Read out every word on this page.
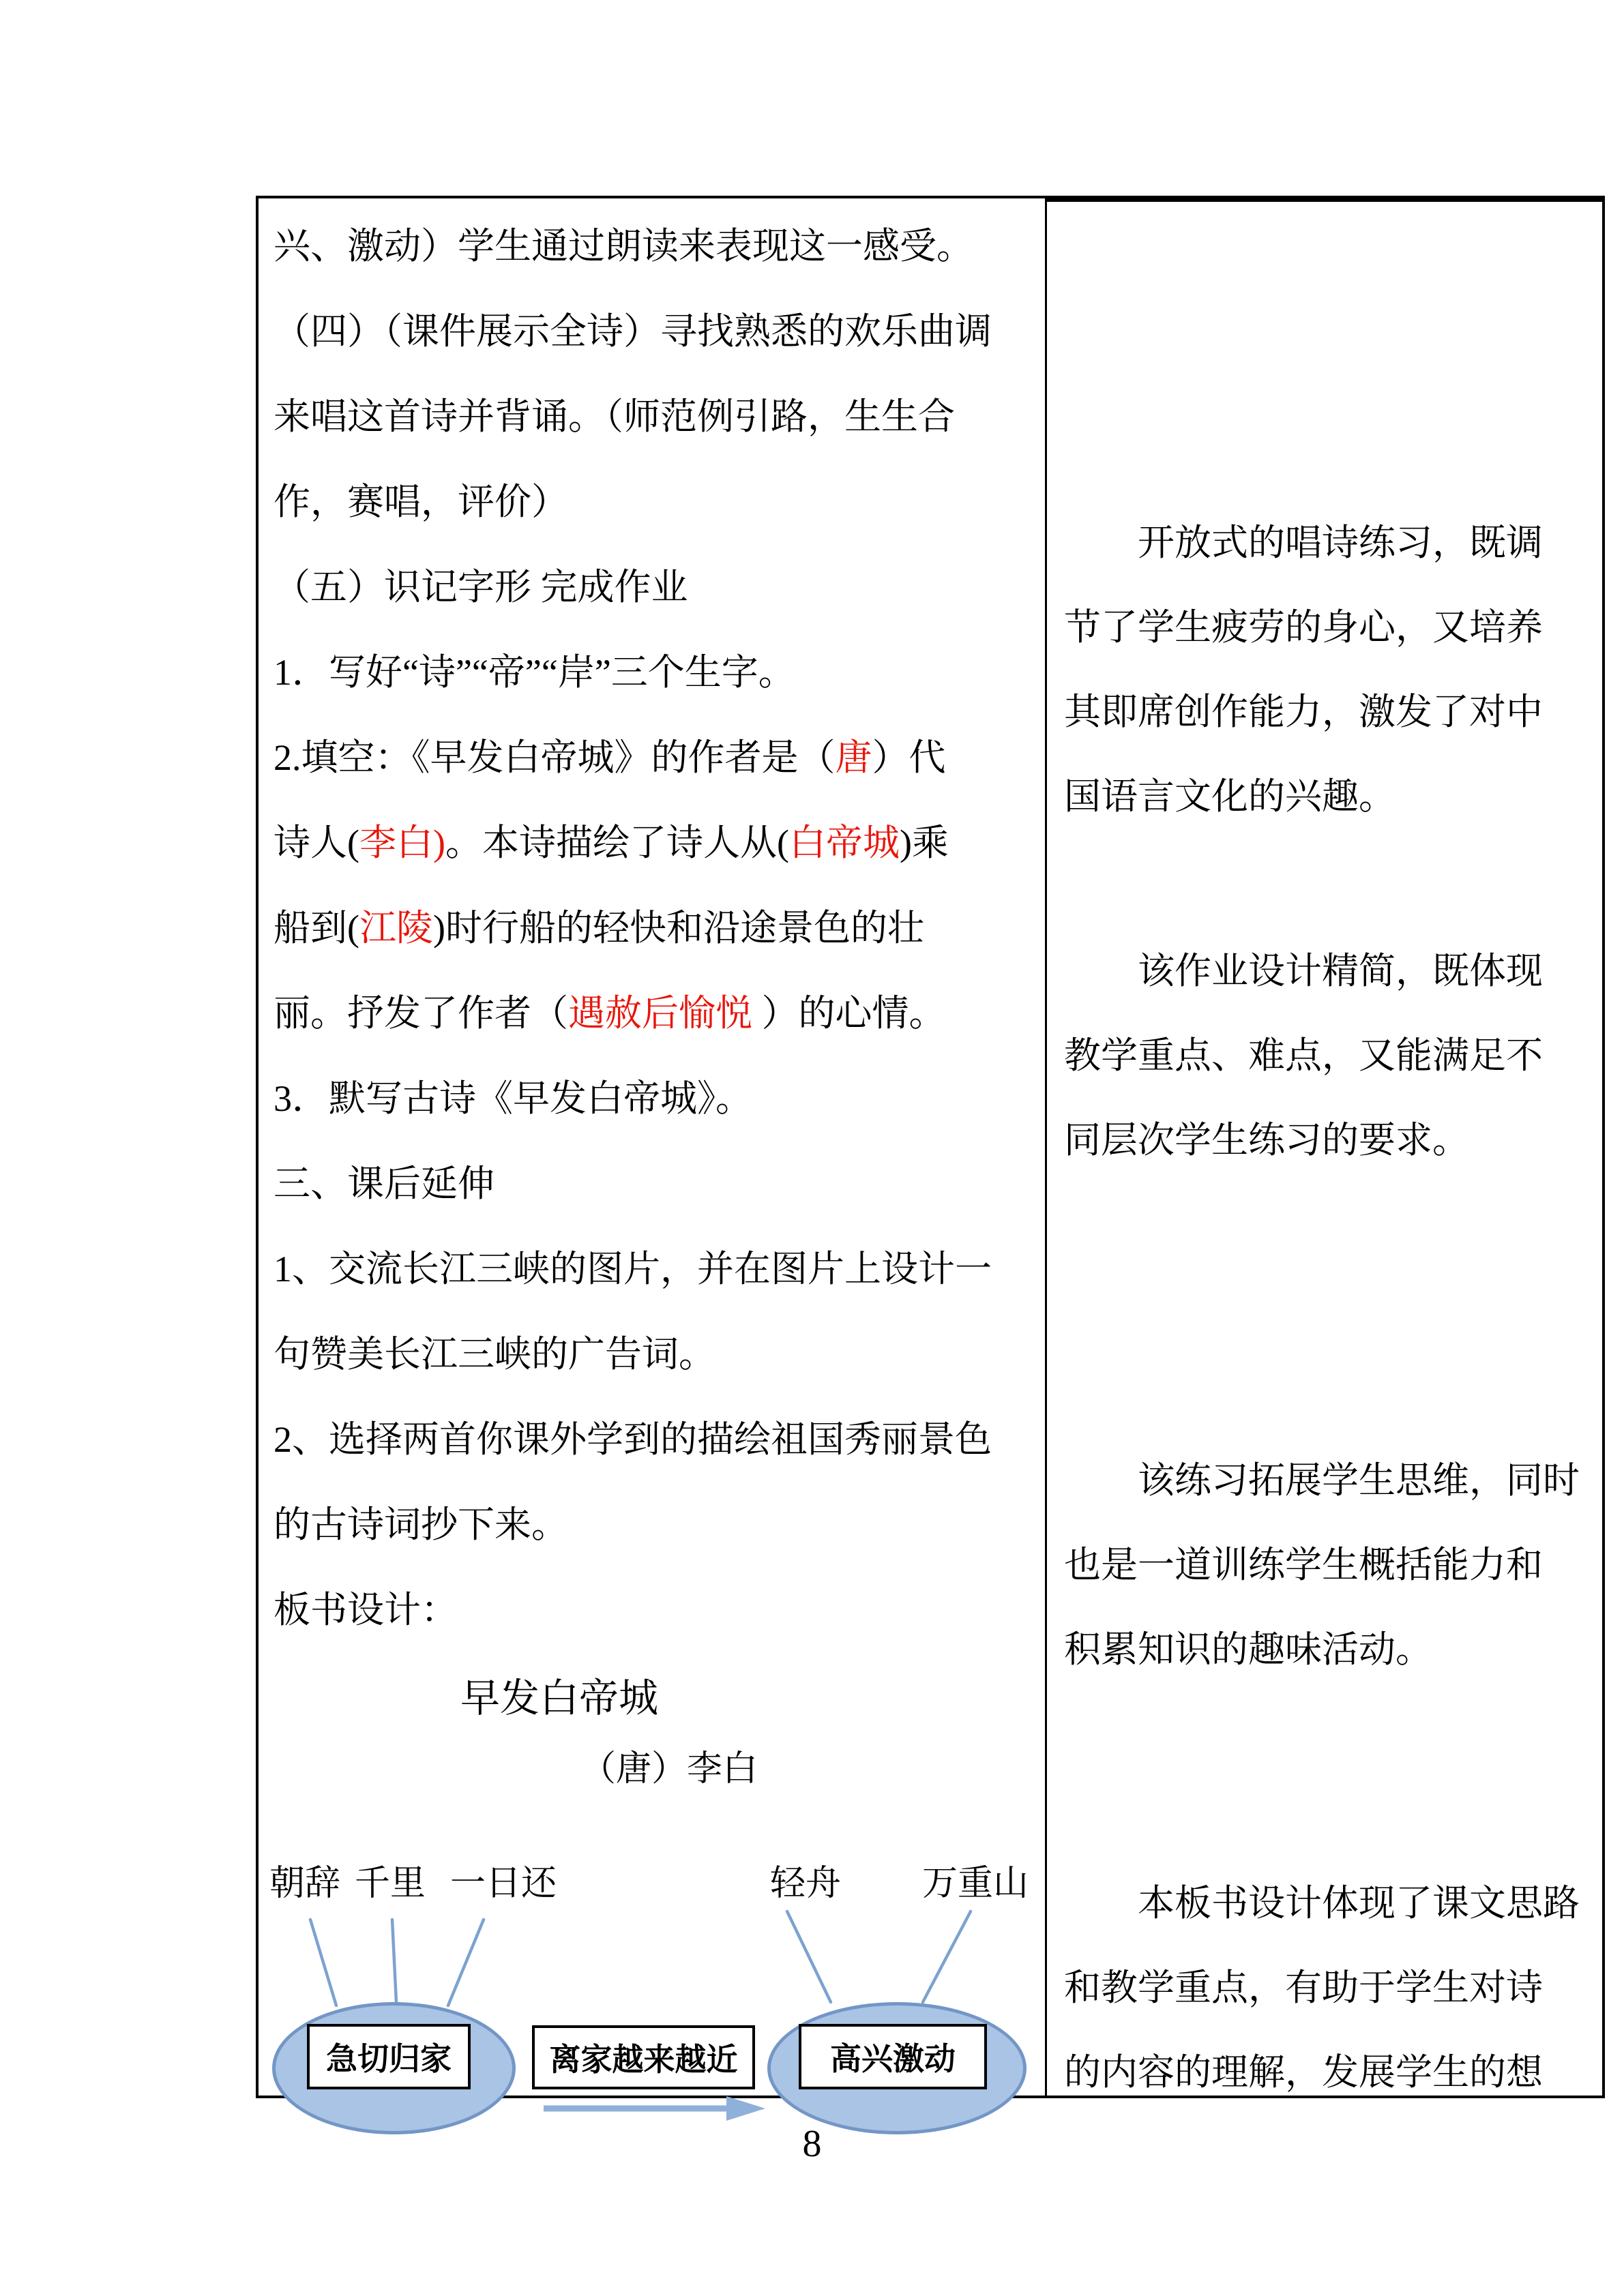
兴、激动）学生通过朗读来表现这一感受。
（四）（课件展示全诗）寻找熟悉的欢乐曲调
来唱这首诗并背诵。（师范例引路，生生合
作，赛唱，评价）
（五）识记字形 完成作业
1．写好“诗”“帝”“岸”三个生字。
2.填空：《早发白帝城》的作者是（唐）代
诗人(李白)。本诗描绘了诗人从(白帝城)乘
船到(江陵)时行船的轻快和沿途景色的壮
丽。抒发了作者（遇赦后愉悦 ）的心情。
3．默写古诗《早发白帝城》。
三、课后延伸
1、交流长江三峡的图片，并在图片上设计一
句赞美长江三峡的广告词。
2、选择两首你课外学到的描绘祖国秀丽景色
的古诗词抄下来。
板书设计：
早发白帝城
（唐）李白
朝辞 千里 一日还	轻舟 万重山
开放式的唱诗练习，既调
节了学生疲劳的身心，又培养
其即席创作能力，激发了对中
国语言文化的兴趣。
该作业设计精简，既体现
教学重点、难点，又能满足不
同层次学生练习的要求。
该练习拓展学生思维，同时
也是一道训练学生概括能力和
积累知识的趣味活动。
本板书设计体现了课文思路
和教学重点，有助于学生对诗
的内容的理解，发展学生的想
急切归家	离家越来越近	高兴激动
8
